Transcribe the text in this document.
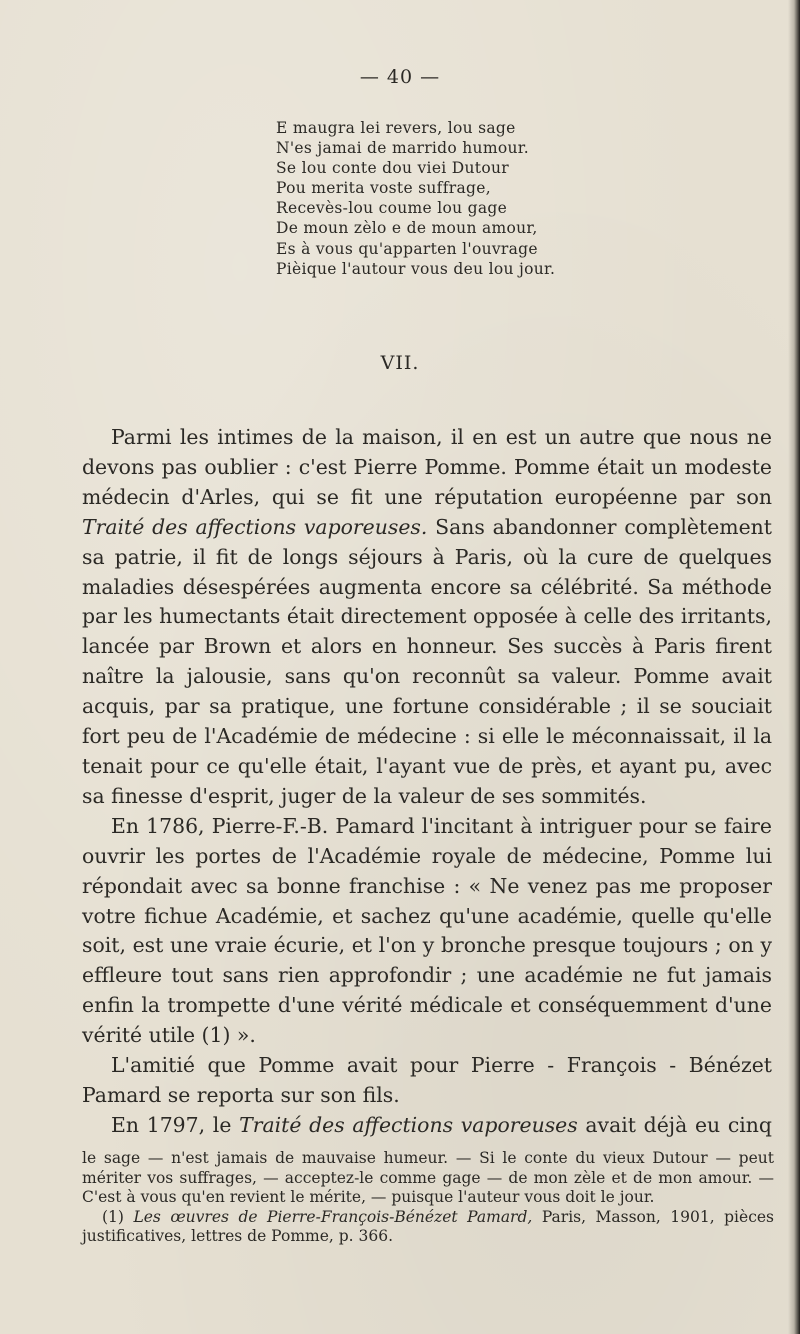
— 40 —
E maugra lei revers, lou sage
N'es jamai de marrido humour.
Se lou conte dou viei Dutour
Pou merita voste suffrage,
Recevès-lou coume lou gage
De moun zèlo e de moun amour,
Es à vous qu'apparten l'ouvrage
Pièique l'autour vous deu lou jour.
VII.

Parmi les intimes de la maison, il en est un autre que nous ne devons pas oublier : c'est Pierre Pomme. Pomme était un modeste médecin d'Arles, qui se fit une réputation européenne par son Traité des affections vaporeuses. Sans abandonner complètement sa patrie, il fit de longs séjours à Paris, où la cure de quelques maladies désespérées augmenta encore sa célébrité. Sa méthode par les humectants était directement opposée à celle des irritants, lancée par Brown et alors en honneur. Ses succès à Paris firent naître la jalousie, sans qu'on reconnût sa valeur. Pomme avait acquis, par sa pratique, une fortune considérable ; il se souciait fort peu de l'Académie de médecine : si elle le méconnaissait, il la tenait pour ce qu'elle était, l'ayant vue de près, et ayant pu, avec sa finesse d'esprit, juger de la valeur de ses sommités.

En 1786, Pierre-F.-B. Pamard l'incitant à intriguer pour se faire ouvrir les portes de l'Académie royale de médecine, Pomme lui répondait avec sa bonne franchise : « Ne venez pas me proposer votre fichue Académie, et sachez qu'une académie, quelle qu'elle soit, est une vraie écurie, et l'on y bronche presque toujours ; on y effleure tout sans rien approfondir ; une académie ne fut jamais enfin la trompette d'une vérité médicale et conséquemment d'une vérité utile (1) ».

L'amitié que Pomme avait pour Pierre - François - Bénézet Pamard se reporta sur son fils.

En 1797, le Traité des affections vaporeuses avait déjà eu cinq

le sage — n'est jamais de mauvaise humeur. — Si le conte du vieux Dutour — peut mériter vos suffrages, — acceptez-le comme gage — de mon zèle et de mon amour. — C'est à vous qu'en revient le mérite, — puisque l'auteur vous doit le jour.

(1) Les œuvres de Pierre-François-Bénézet Pamard, Paris, Masson, 1901, pièces justificatives, lettres de Pomme, p. 366.
